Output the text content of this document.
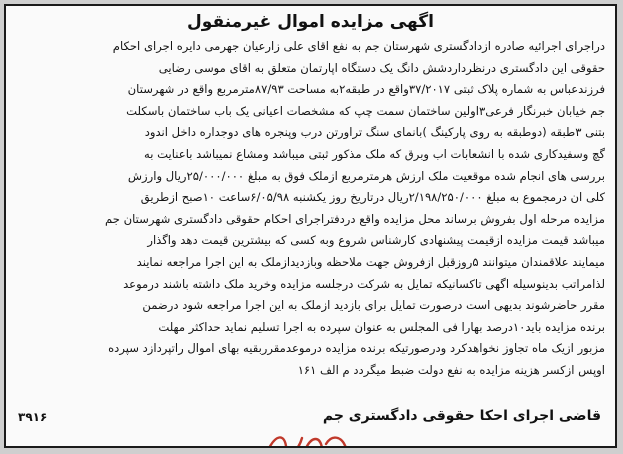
اگهی مزایده اموال غیرمنقول
دراجرای اجرائیه صادره ازدادگستری شهرستان جم به نفع اقای علی زارعیان جهرمی دایره اجرای احکام
حقوقی این دادگستری درنظرداردشش دانگ یک دستگاه اپارتمان متعلق به اقای موسی رضایی
فرزندعباس به شماره پلاک ثبتی ۳۷/۲۰۱۷واقع در طبقه۲به مساحت ۸۷/۹۳مترمربع واقع در شهرستان
جم خیابان خبرنگار فرعی۳اولین ساختمان سمت چپ که مشخصات اعیانی یک باب ساختمان باسکلت
بتنی ۳طبقه (دوطبقه به روی پارکینگ )بانمای سنگ تراورتن درب وپنجره های دوجداره داخل اندود
گچ وسفیدکاری شده با انشعابات اب وبرق که ملک مذکور ثبتی میباشد ومشاع نمیباشد باعنایت به
بررسی های انجام شده موقعیت ملک ارزش هرمترمربع ازملک فوق به مبلغ ۲۵/۰۰۰/۰۰۰ریال وارزش
کلی ان درمجموع به مبلغ ۲/۱۹۸/۲۵۰/۰۰۰ریال درتاریخ روز یکشنبه ۶/۰۵/۹۸ساعت ۱۰صبح ازطریق
مزایده مرحله اول بفروش برساند محل مزایده واقع دردفتراجرای احکام حقوقی دادگستری شهرستان جم
میباشد قیمت مزایده ازقیمت پیشنهادی کارشناس شروع وبه کسی که بیشترین قیمت دهد واگذار
میمایند علاقمندان میتوانند ۵روزقبل ازفروش جهت ملاحظه وبازدیدازملک به این اجرا مراجعه نمایند
لذامراتب بدینوسیله اگهی تاکسانیکه تمایل به شرکت درجلسه مزایده وخرید ملک داشته باشند درموعد
مقرر حاضرشوند بدیهی است درصورت تمایل برای بازدید ازملک به این اجرا مراجعه شود درضمن
برنده مزایده باید۱۰درصد بهارا فی المجلس به عنوان سپرده به اجرا تسلیم نماید حداکثر مهلت
مزبور ازیک ماه تجاوز نخواهدکرد ودرصورتیکه برنده مزایده درموعدمقرربقیه بهای اموال راتپردازد سپرده
اوپس ازکسر هزینه مزایده به نفع دولت ضبط میگردد م الف ۱۶۱
۳۹۱۶	قاضی اجرای احکا حقوقی دادگستری جم
